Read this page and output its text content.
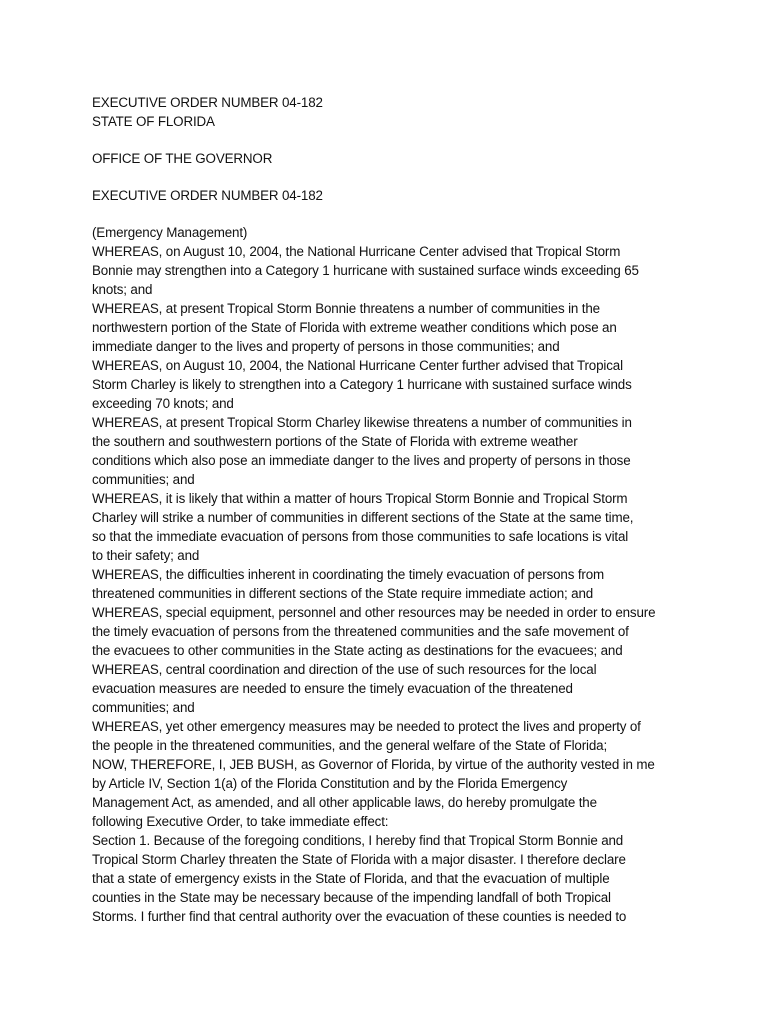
EXECUTIVE ORDER NUMBER 04-182
STATE OF FLORIDA
OFFICE OF THE GOVERNOR
EXECUTIVE ORDER NUMBER 04-182
(Emergency Management)
WHEREAS, on August 10, 2004, the National Hurricane Center advised that Tropical Storm
Bonnie may strengthen into a Category 1 hurricane with sustained surface winds exceeding 65
knots; and
WHEREAS, at present Tropical Storm Bonnie threatens a number of communities in the
northwestern portion of the State of Florida with extreme weather conditions which pose an
immediate danger to the lives and property of persons in those communities; and
WHEREAS, on August 10, 2004, the National Hurricane Center further advised that Tropical
Storm Charley is likely to strengthen into a Category 1 hurricane with sustained surface winds
exceeding 70 knots; and
WHEREAS, at present Tropical Storm Charley likewise threatens a number of communities in
the southern and southwestern portions of the State of Florida with extreme weather
conditions which also pose an immediate danger to the lives and property of persons in those
communities; and
WHEREAS, it is likely that within a matter of hours Tropical Storm Bonnie and Tropical Storm
Charley will strike a number of communities in different sections of the State at the same time,
so that the immediate evacuation of persons from those communities to safe locations is vital
to their safety; and
WHEREAS, the difficulties inherent in coordinating the timely evacuation of persons from
threatened communities in different sections of the State require immediate action; and
WHEREAS, special equipment, personnel and other resources may be needed in order to ensure
the timely evacuation of persons from the threatened communities and the safe movement of
the evacuees to other communities in the State acting as destinations for the evacuees; and
WHEREAS, central coordination and direction of the use of such resources for the local
evacuation measures are needed to ensure the timely evacuation of the threatened
communities; and
WHEREAS, yet other emergency measures may be needed to protect the lives and property of
the people in the threatened communities, and the general welfare of the State of Florida;
NOW, THEREFORE, I, JEB BUSH, as Governor of Florida, by virtue of the authority vested in me
by Article IV, Section 1(a) of the Florida Constitution and by the Florida Emergency
Management Act, as amended, and all other applicable laws, do hereby promulgate the
following Executive Order, to take immediate effect:
Section 1. Because of the foregoing conditions, I hereby find that Tropical Storm Bonnie and
Tropical Storm Charley threaten the State of Florida with a major disaster. I therefore declare
that a state of emergency exists in the State of Florida, and that the evacuation of multiple
counties in the State may be necessary because of the impending landfall of both Tropical
Storms. I further find that central authority over the evacuation of these counties is needed to
